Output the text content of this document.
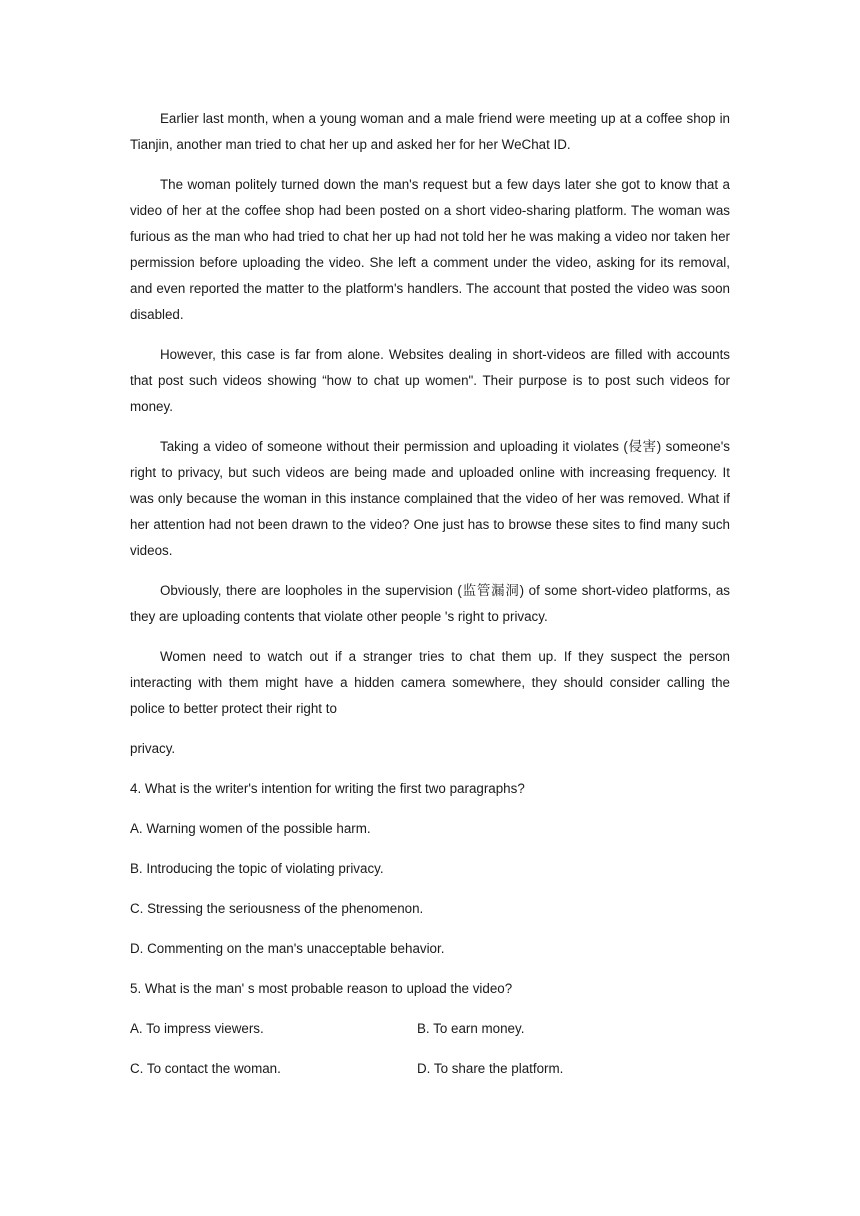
Earlier last month, when a young woman and a male friend were meeting up at a coffee shop in Tianjin, another man tried to chat her up and asked her for her WeChat ID.

The woman politely turned down the man's request but a few days later she got to know that a video of her at the coffee shop had been posted on a short video-sharing platform. The woman was furious as the man who had tried to chat her up had not told her he was making a video nor taken her permission before uploading the video. She left a comment under the video, asking for its removal, and even reported the matter to the platform's handlers. The account that posted the video was soon disabled.

However, this case is far from alone. Websites dealing in short-videos are filled with accounts that post such videos showing “how to chat up women". Their purpose is to post such videos for money.

Taking a video of someone without their permission and uploading it violates (侵害) someone's right to privacy, but such videos are being made and uploaded online with increasing frequency. It was only because the woman in this instance complained that the video of her was removed. What if her attention had not been drawn to the video? One just has to browse these sites to find many such videos.

Obviously, there are loopholes in the supervision (监管漏洞) of some short-video platforms, as they are uploading contents that violate other people 's right to privacy.

Women need to watch out if a stranger tries to chat them up. If they suspect the person interacting with them might have a hidden camera somewhere, they should consider calling the police to better protect their right to

privacy.

4. What is the writer's intention for writing the first two paragraphs?

A. Warning women of the possible harm.

B. Introducing the topic of violating privacy.

C. Stressing the seriousness of the phenomenon.

D. Commenting on the man's unacceptable behavior.

5. What is the man' s most probable reason to upload the video?

A. To impress viewers.	B. To earn money.
C. To contact the woman.	D. To share the platform.
